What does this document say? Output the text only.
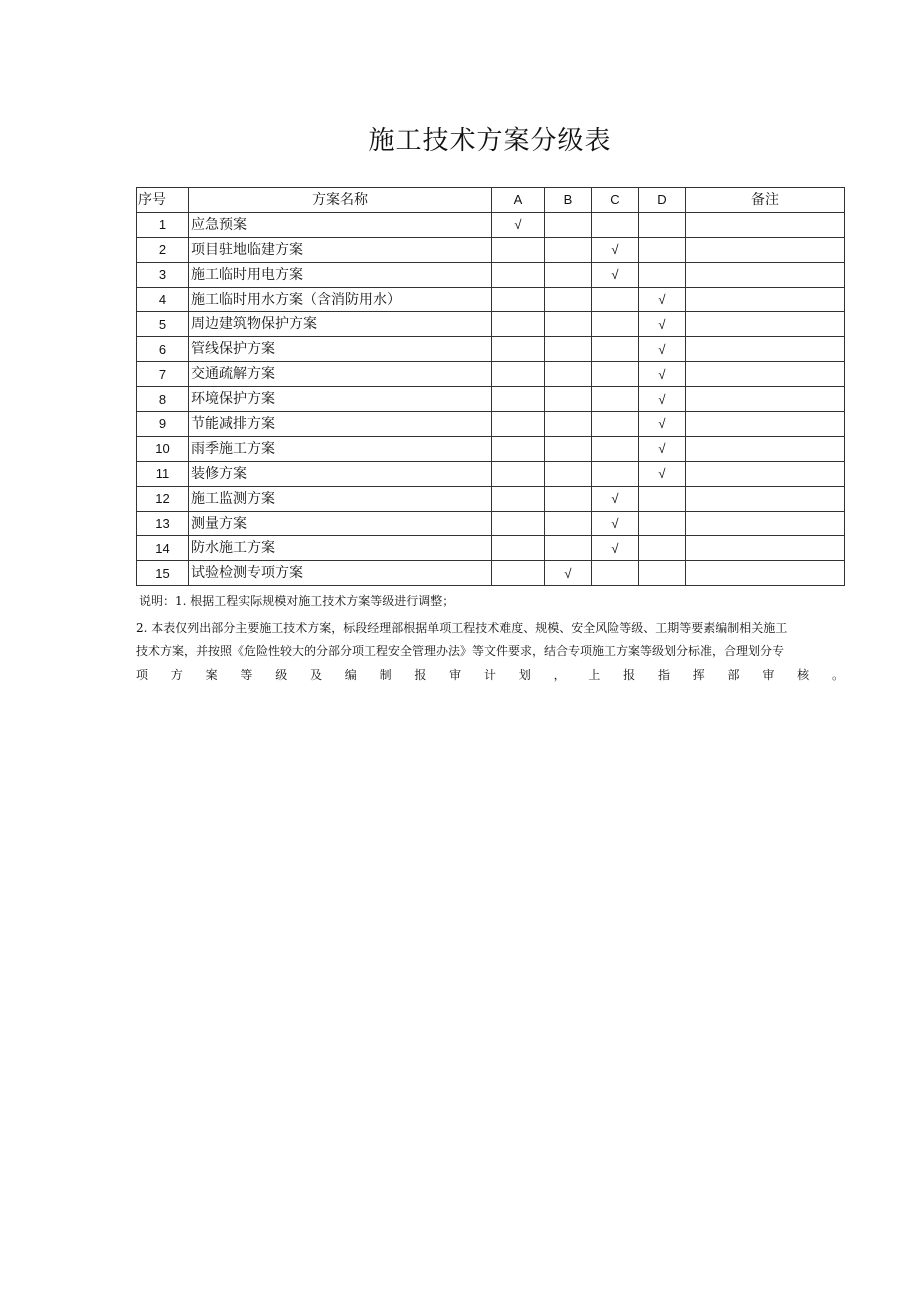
施工技术方案分级表
序号	方案名称	A	B	C	D	备注
1	应急预案	√				
2	项目驻地临建方案			√		
3	施工临时用电方案			√		
4	施工临时用水方案（含消防用水）				√	
5	周边建筑物保护方案				√	
6	管线保护方案				√	
7	交通疏解方案				√	
8	环境保护方案				√	
9	节能减排方案				√	
10	雨季施工方案				√	
11	装修方案				√	
12	施工监测方案			√		
13	测量方案			√		
14	防水施工方案			√		
15	试验检测专项方案		√			
说明：1. 根据工程实际规模对施工技术方案等级进行调整；
2. 本表仅列出部分主要施工技术方案，标段经理部根据单项工程技术难度、规模、安全风险等级、工期等要素编制相关施工
技术方案，并按照《危险性较大的分部分项工程安全管理办法》等文件要求，结合专项施工方案等级划分标准，合理划分专
项 方 案 等 级 及 编 制 报 审 计 划 ， 上 报 指 挥 部 审 核 。
